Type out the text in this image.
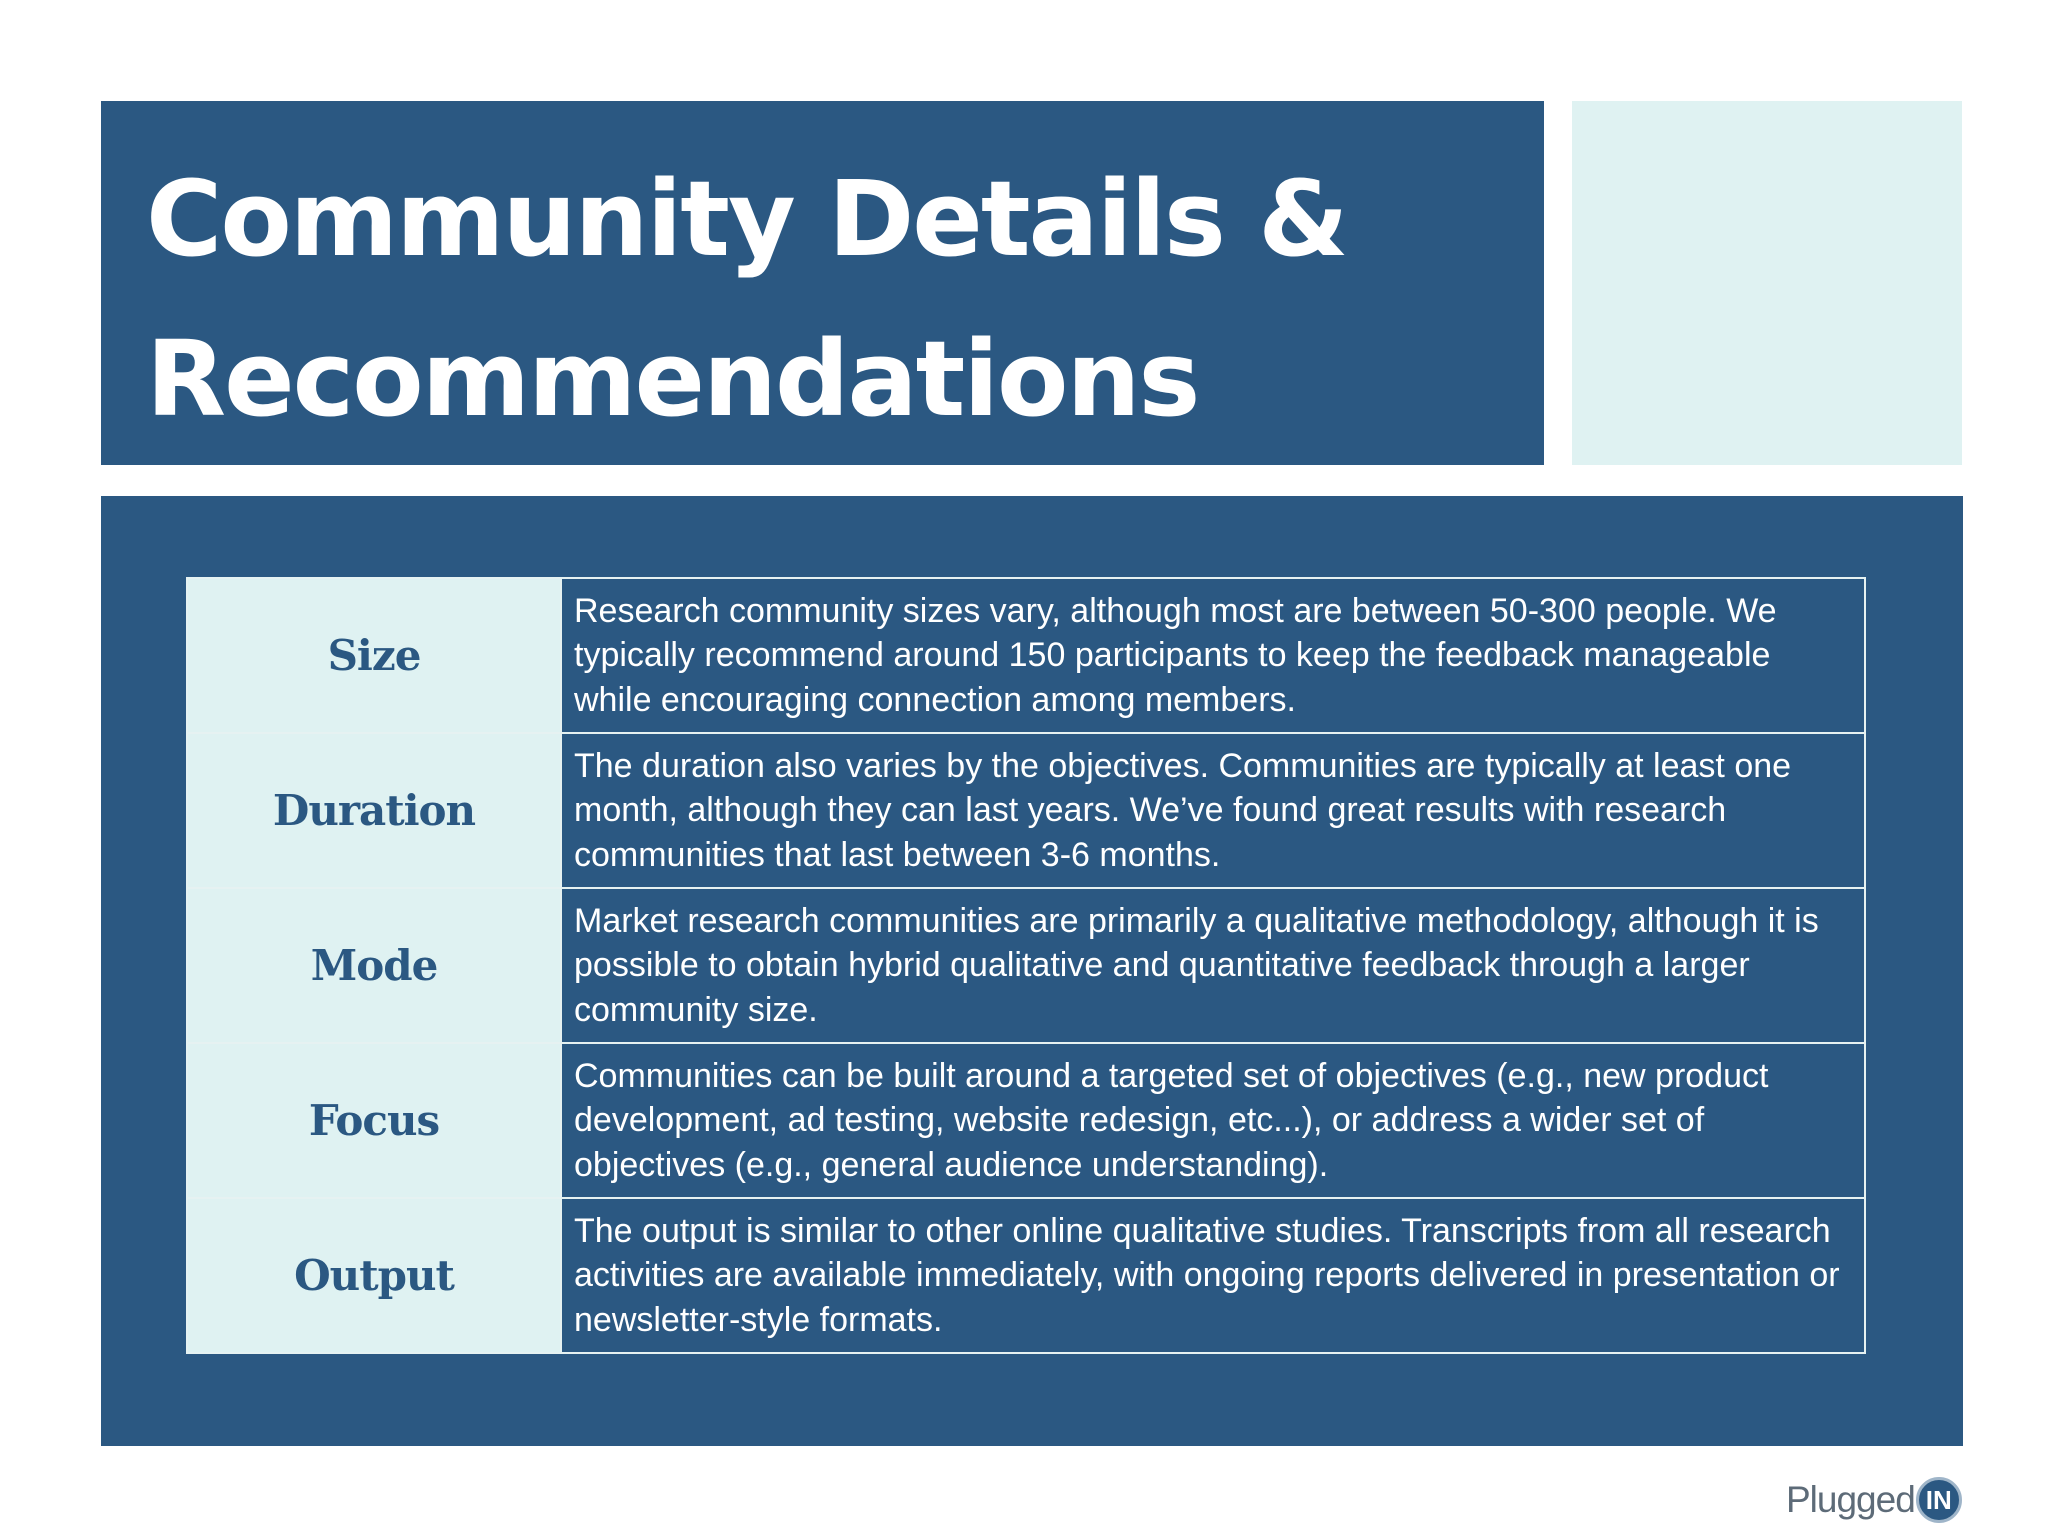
Community Details &
Recommendations
Size	Research community sizes vary, although most are between 50-300 people. We typically recommend around 150 participants to keep the feedback manageable while encouraging connection among members.
Duration	The duration also varies by the objectives. Communities are typically at least one month, although they can last years. We’ve found great results with research communities that last between 3-6 months.
Mode	Market research communities are primarily a qualitative methodology, although it is possible to obtain hybrid qualitative and quantitative feedback through a larger community size.
Focus	Communities can be built around a targeted set of objectives (e.g., new product development, ad testing, website redesign, etc...), or address a wider set of objectives (e.g., general audience understanding).
Output	The output is similar to other online qualitative studies. Transcripts from all research activities are available immediately, with ongoing reports delivered in presentation or newsletter-style formats.
Plugged IN
